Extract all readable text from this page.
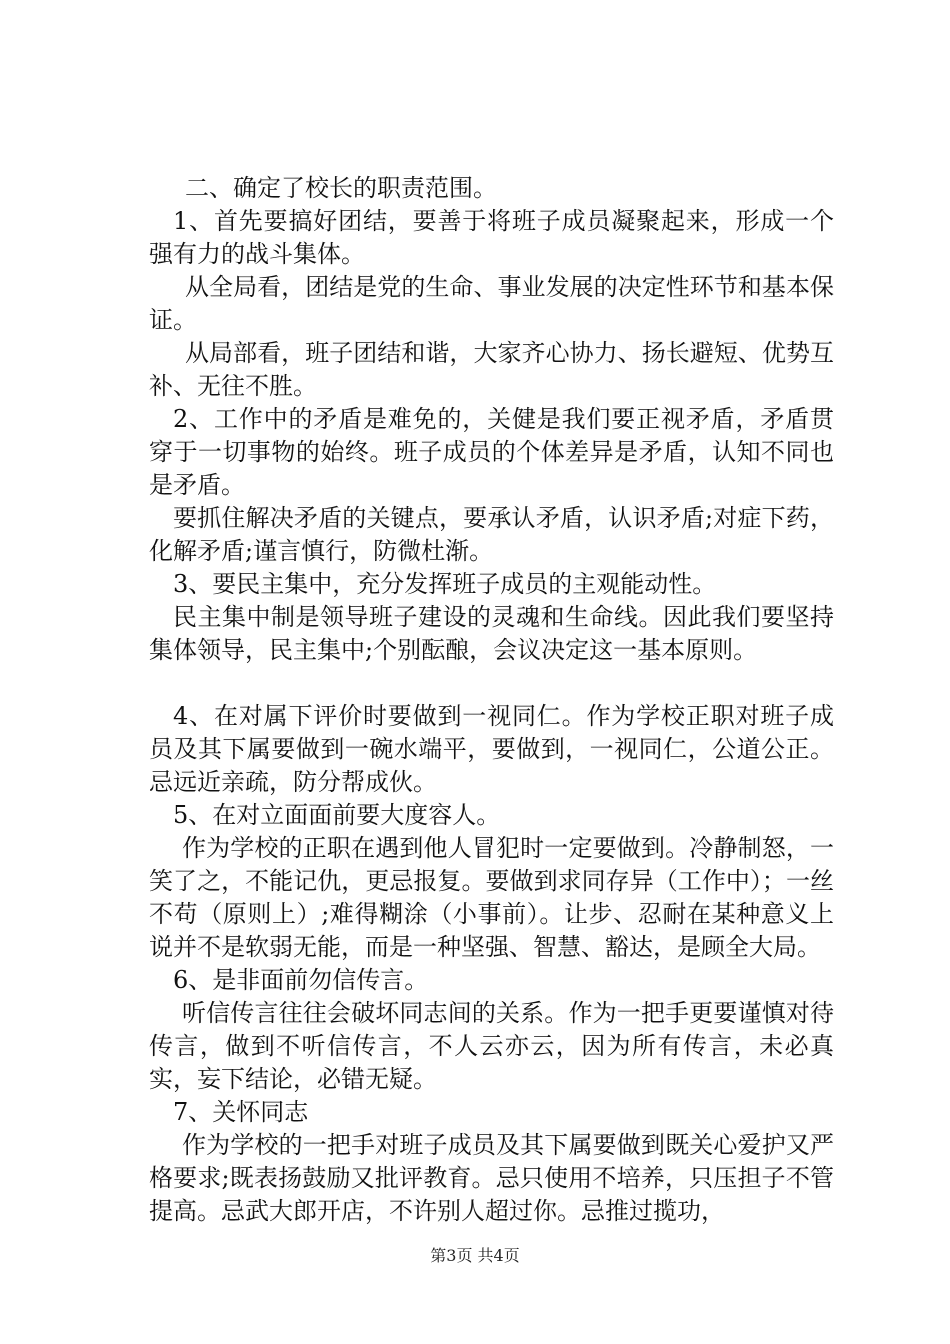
二、确定了校长的职责范围。

1、首先要搞好团结，要善于将班子成员凝聚起来，形成一个强有力的战斗集体。

从全局看，团结是党的生命、事业发展的决定性环节和基本保证。

从局部看，班子团结和谐，大家齐心协力、扬长避短、优势互补、无往不胜。

2、工作中的矛盾是难免的，关健是我们要正视矛盾，矛盾贯穿于一切事物的始终。班子成员的个体差异是矛盾，认知不同也是矛盾。

要抓住解决矛盾的关键点，要承认矛盾，认识矛盾;对症下药，化解矛盾;谨言慎行，防微杜渐。

3、要民主集中，充分发挥班子成员的主观能动性。

民主集中制是领导班子建设的灵魂和生命线。因此我们要坚持集体领导，民主集中;个别酝酿，会议决定这一基本原则。

4、在对属下评价时要做到一视同仁。作为学校正职对班子成员及其下属要做到一碗水端平，要做到，一视同仁，公道公正。忌远近亲疏，防分帮成伙。

5、在对立面面前要大度容人。

作为学校的正职在遇到他人冒犯时一定要做到。冷静制怒，一笑了之，不能记仇，更忌报复。要做到求同存异（工作中）；一丝不苟（原则上）;难得糊涂（小事前）。让步、忍耐在某种意义上说并不是软弱无能，而是一种坚强、智慧、豁达，是顾全大局。

6、是非面前勿信传言。

听信传言往往会破坏同志间的关系。作为一把手更要谨慎对待传言，做到不听信传言，不人云亦云，因为所有传言，未必真实，妄下结论，必错无疑。

7、关怀同志

作为学校的一把手对班子成员及其下属要做到既关心爱护又严格要求;既表扬鼓励又批评教育。忌只使用不培养，只压担子不管提高。忌武大郎开店，不许别人超过你。忌推过揽功，

第3页 共4页
